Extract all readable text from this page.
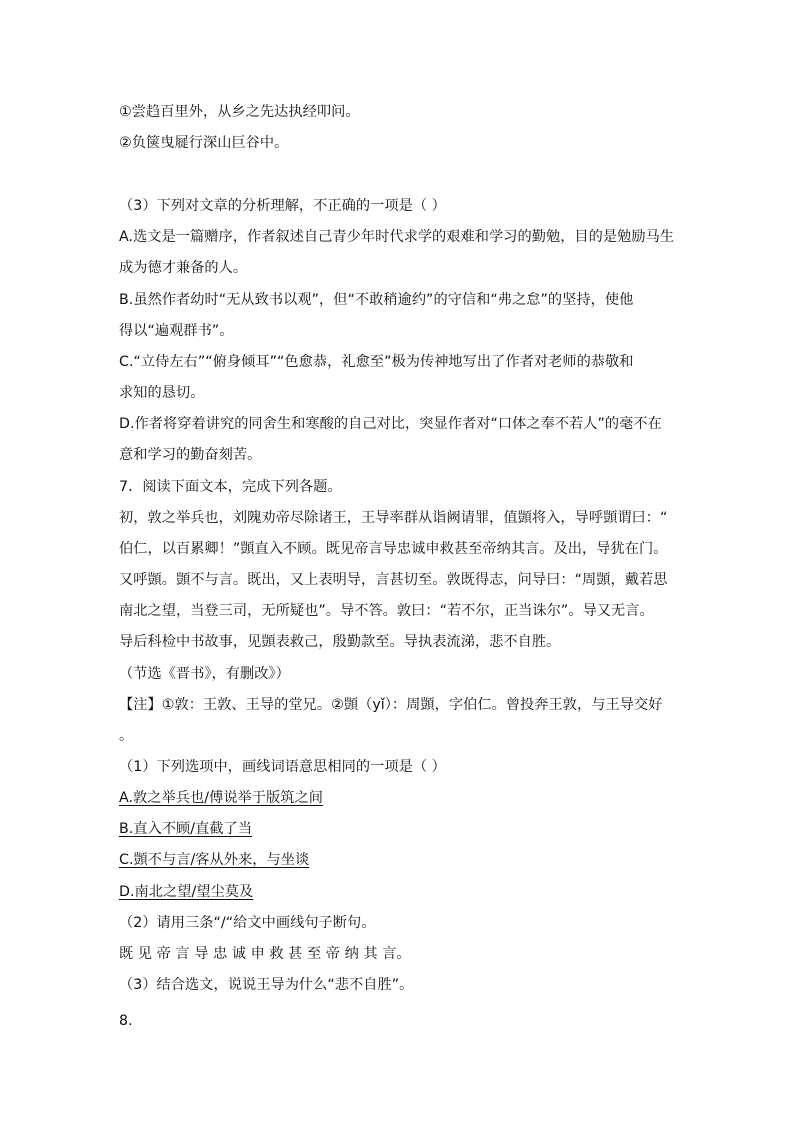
①尝趋百里外，从乡之先达执经叩问。
②负箧曳屣行深山巨谷中。
（3）下列对文章的分析理解，不正确的一项是（ ）
A.选文是一篇赠序，作者叙述自己青少年时代求学的艰难和学习的勤勉，目的是勉励马生
成为德才兼备的人。
B.虽然作者幼时“无从致书以观”，但“不敢稍逾约”的守信和“弗之怠”的坚持，使他
得以“遍观群书”。
C.“立侍左右”“俯身倾耳”“色愈恭，礼愈至”极为传神地写出了作者对老师的恭敬和
求知的恳切。
D.作者将穿着讲究的同舍生和寒酸的自己对比，突显作者对“口体之奉不若人”的毫不在
意和学习的勤奋刻苦。
7．阅读下面文本，完成下列各题。
初，敦之举兵也，刘隗劝帝尽除诸王，王导率群从诣阙请罪，值顗将入，导呼顗谓曰：“
伯仁，以百累卿！”顗直入不顾。既见帝言导忠诚申救甚至帝纳其言。及出，导犹在门。
又呼顗。顗不与言。既出，又上表明导，言甚切至。敦既得志，问导曰：“周顗，戴若思
南北之望，当登三司，无所疑也”。导不答。敦曰：“若不尔，正当诛尔”。导又无言。
导后科检中书故事，见顗表救己，殷勤款至。导执表流涕，悲不自胜。
（节选《晋书》，有删改》）
【注】①敦：王敦、王导的堂兄。②顗（yǐ）：周顗，字伯仁。曾投奔王敦，与王导交好
。
（1）下列选项中，画线词语意思相同的一项是（ ）
A.敦之举兵也/傅说举于版筑之间
B.直入不顾/直截了当
C.顗不与言/客从外来，与坐谈
D.南北之望/望尘莫及
（2）请用三条“/“给文中画线句子断句。
既 见 帝 言 导 忠 诚 申 救 甚 至 帝 纳 其 言。
（3）结合选文，说说王导为什么“悲不自胜”。
8.
